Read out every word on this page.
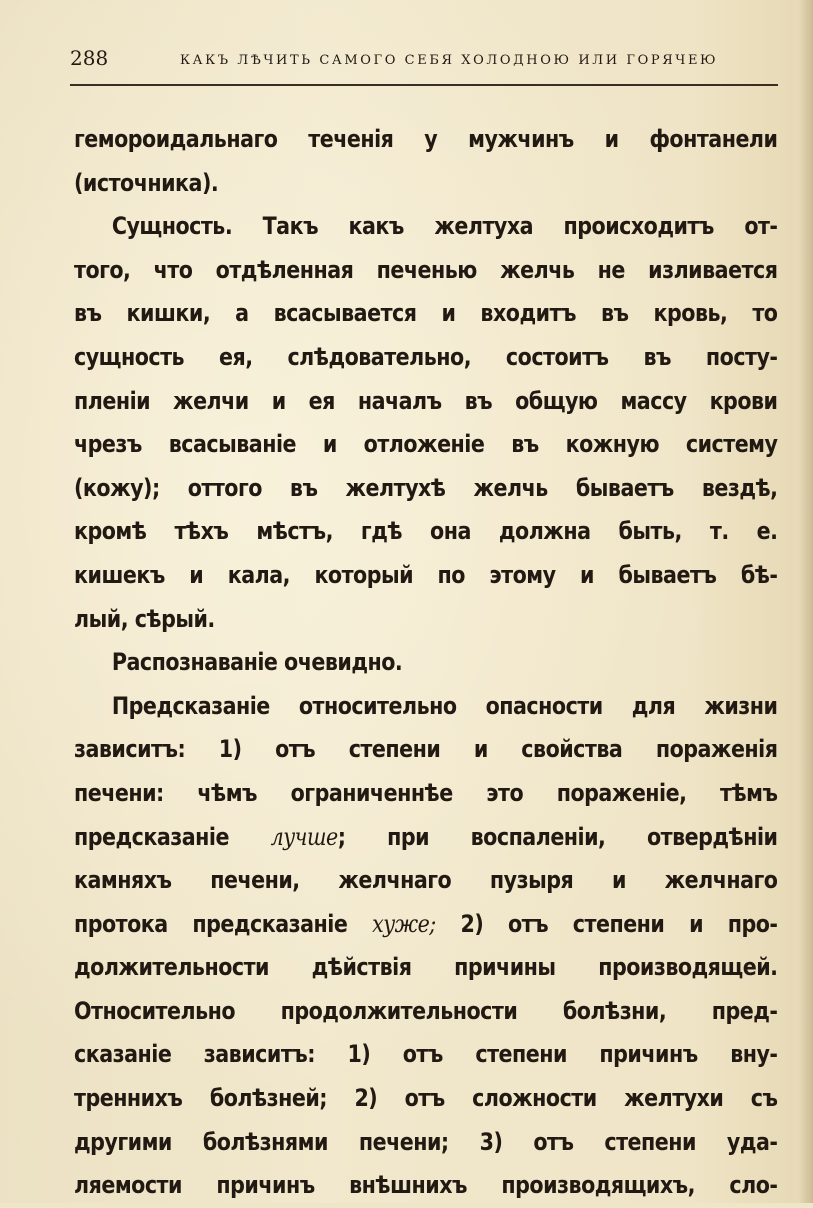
288	КАКЪ ЛѢЧИТЬ САМОГО СЕБЯ ХОЛОДНОЮ ИЛИ ГОРЯЧЕЮ
гемороидальнаго теченія у мужчинъ и фонтанели
(источника).
Сущность. Такъ какъ желтуха происходитъ от-
того, что отдѣленная печенью желчь не изливается
въ кишки, а всасывается и входитъ въ кровь, то
сущность ея, слѣдовательно, состоитъ въ посту-
пленіи желчи и ея началъ въ общую массу крови
чрезъ всасываніе и отложеніе въ кожную систему
(кожу); оттого въ желтухѣ желчь бываетъ вездѣ,
кромѣ тѣхъ мѣстъ, гдѣ она должна быть, т. е.
кишекъ и кала, который по этому и бываетъ бѣ-
лый, сѣрый.
Распознаваніе очевидно.
Предсказаніе относительно опасности для жизни
зависитъ: 1) отъ степени и свойства пораженія
печени: чѣмъ ограниченнѣе это пораженіе, тѣмъ
предсказаніе лучше; при воспаленіи, отвердѣніи
камняхъ печени, желчнаго пузыря и желчнаго
протока предсказаніе хуже; 2) отъ степени и про-
должительности дѣйствія причины производящей.
Относительно продолжительности болѣзни, пред-
сказаніе зависитъ: 1) отъ степени причинъ вну-
треннихъ болѣзней; 2) отъ сложности желтухи съ
другими болѣзнями печени; 3) отъ степени уда-
ляемости причинъ внѣшнихъ производящихъ, сло-
